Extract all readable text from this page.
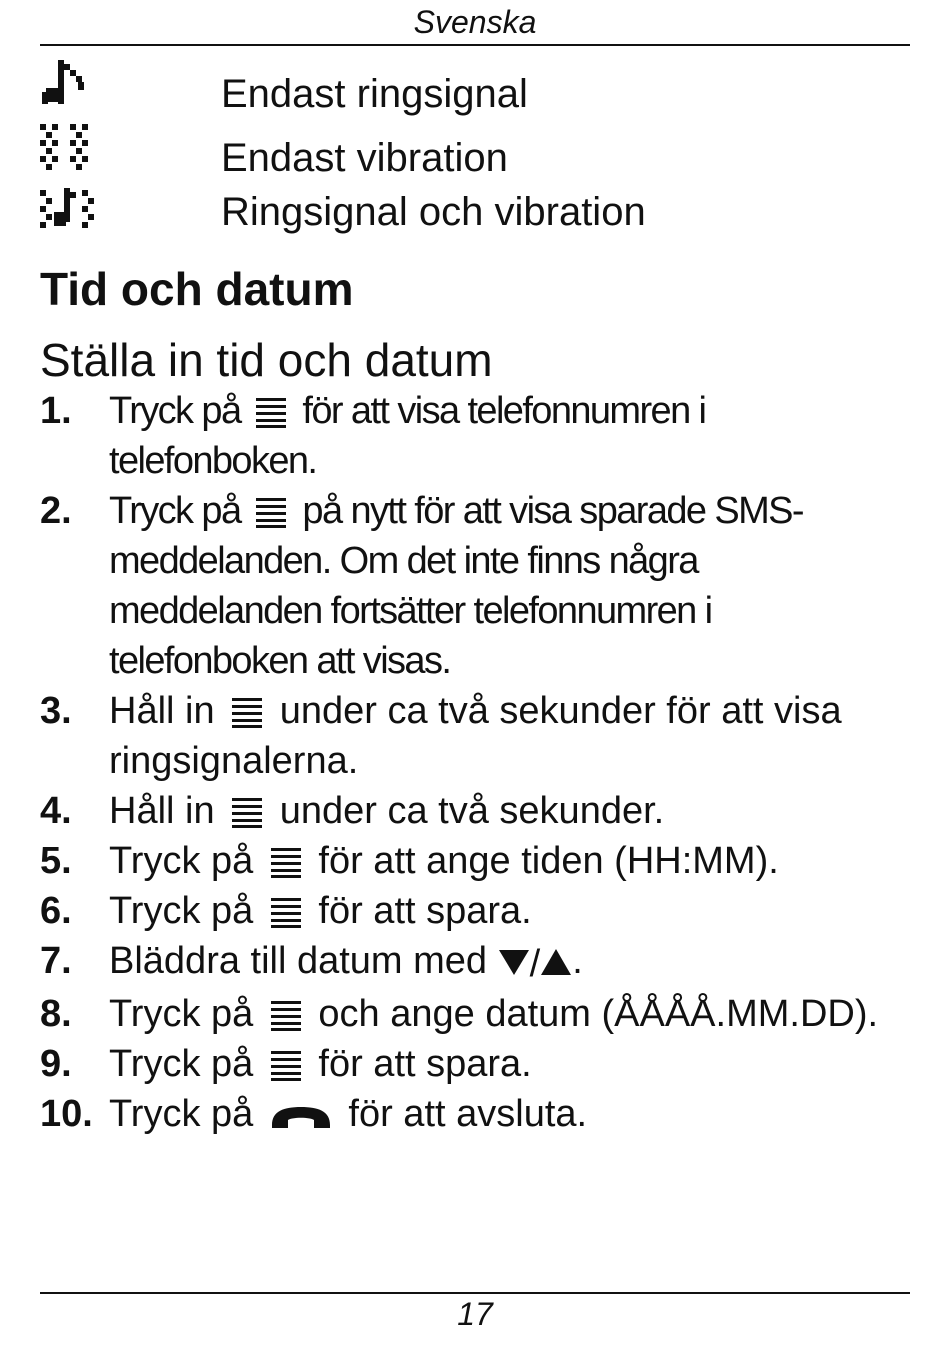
Svenska
Endast ringsignal
Endast vibration
Ringsignal och vibration
Tid och datum
Ställa in tid och datum
1. Tryck på för att visa telefonnumren i telefonboken.
2. Tryck på på nytt för att visa sparade SMS-meddelanden. Om det inte finns några meddelanden fortsätter telefonnumren i telefonboken att visas.
3. Håll in under ca två sekunder för att visa ringsignalerna.
4. Håll in under ca två sekunder.
5. Tryck på för att ange tiden (HH:MM).
6. Tryck på för att spara.
7. Bläddra till datum med / .
8. Tryck på och ange datum (ÅÅÅÅ.MM.DD).
9. Tryck på för att spara.
10. Tryck på	för att avsluta.
17
